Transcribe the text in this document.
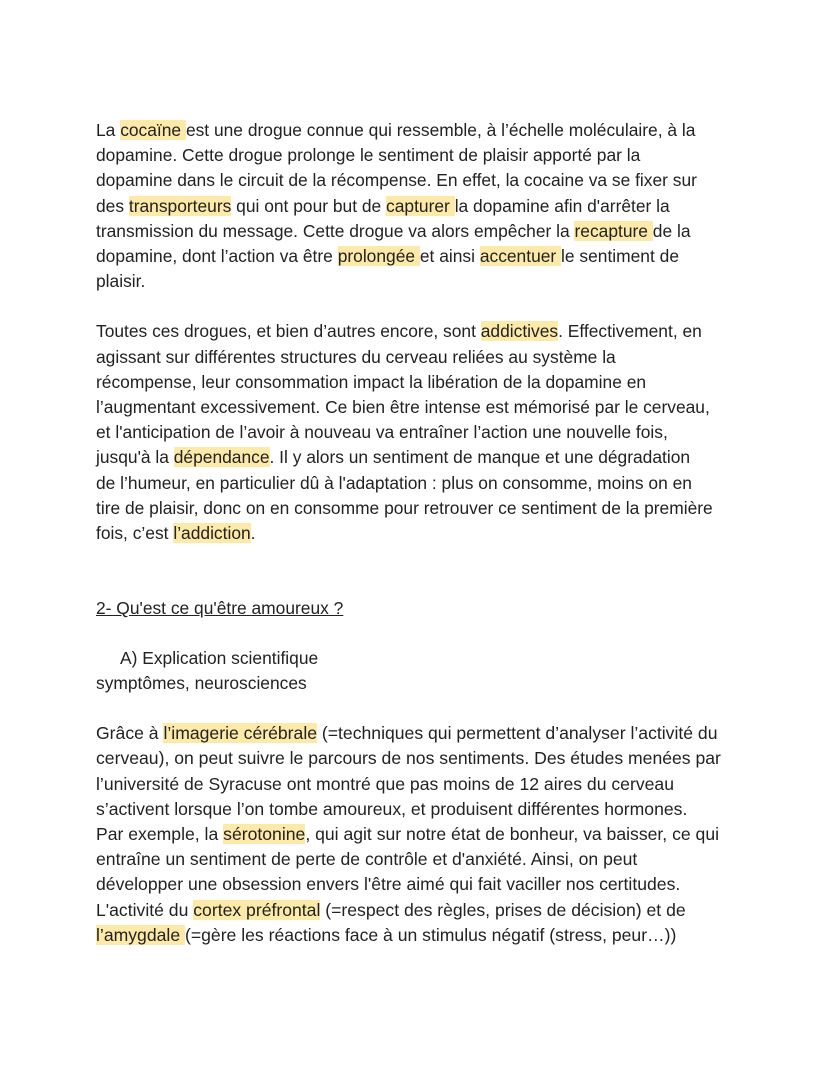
La cocaïne est une drogue connue qui ressemble, à l’échelle moléculaire, à la
dopamine. Cette drogue prolonge le sentiment de plaisir apporté par la
dopamine dans le circuit de la récompense. En effet, la cocaine va se fixer sur
des transporteurs qui ont pour but de capturer la dopamine afin d'arrêter la
transmission du message. Cette drogue va alors empêcher la recapture de la
dopamine, dont l’action va être prolongée et ainsi accentuer le sentiment de
plaisir.

Toutes ces drogues, et bien d’autres encore, sont addictives. Effectivement, en
agissant sur différentes structures du cerveau reliées au système la
récompense, leur consommation impact la libération de la dopamine en
l’augmentant excessivement. Ce bien être intense est mémorisé par le cerveau,
et l'anticipation de l’avoir à nouveau va entraîner l’action une nouvelle fois,
jusqu'à la dépendance. Il y alors un sentiment de manque et une dégradation
de l’humeur, en particulier dû à l'adaptation : plus on consomme, moins on en
tire de plaisir, donc on en consomme pour retrouver ce sentiment de la première
fois, c’est l’addiction.

2- Qu'est ce qu'être amoureux ?
A) Explication scientifique
symptômes, neurosciences

Grâce à l’imagerie cérébrale (=techniques qui permettent d’analyser l’activité du
cerveau), on peut suivre le parcours de nos sentiments. Des études menées par
l’université de Syracuse ont montré que pas moins de 12 aires du cerveau
s’activent lorsque l’on tombe amoureux, et produisent différentes hormones.
Par exemple, la sérotonine, qui agit sur notre état de bonheur, va baisser, ce qui
entraîne un sentiment de perte de contrôle et d'anxiété. Ainsi, on peut
développer une obsession envers l'être aimé qui fait vaciller nos certitudes.
L'activité du cortex préfrontal (=respect des règles, prises de décision) et de
l’amygdale (=gère les réactions face à un stimulus négatif (stress, peur…))
